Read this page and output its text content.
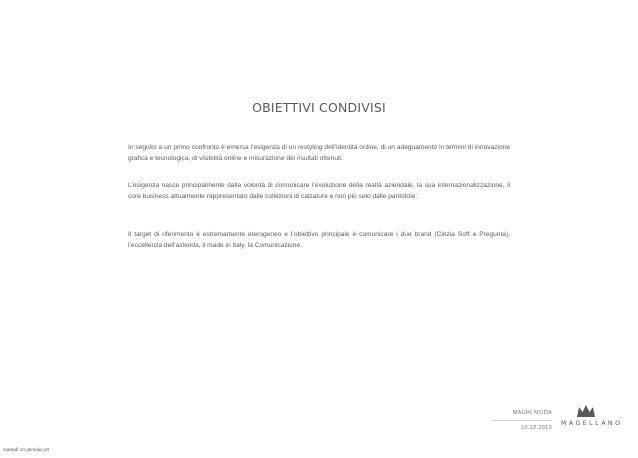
OBIETTIVI CONDIVISI
In seguito a un primo confronto è emersa l’esigenza di un restyling dell’identità online, di un adeguamento in termini di innovazione grafica e tecnologica, di visibilità online e misurazione dei risultati ottenuti.
L’esigenza nasce principalmente dalla volontà di comunicare l’evoluzione della realtà aziendale, la sua internazionalizzazione, il core business attualmente rappresentato dalle collezioni di calzature e non più solo dalle pantofole.
Il target di riferimento è estremamente eterogeneo e l’obiettivo principale è comunicare i due brand (Cinzia Soft e Pregunta), l’eccellenza dell’azienda, il made in Italy, la Comunicazione.
MAURI MODA
10.12.2013
MAGELLANO
martedì 14 gennaio 14
